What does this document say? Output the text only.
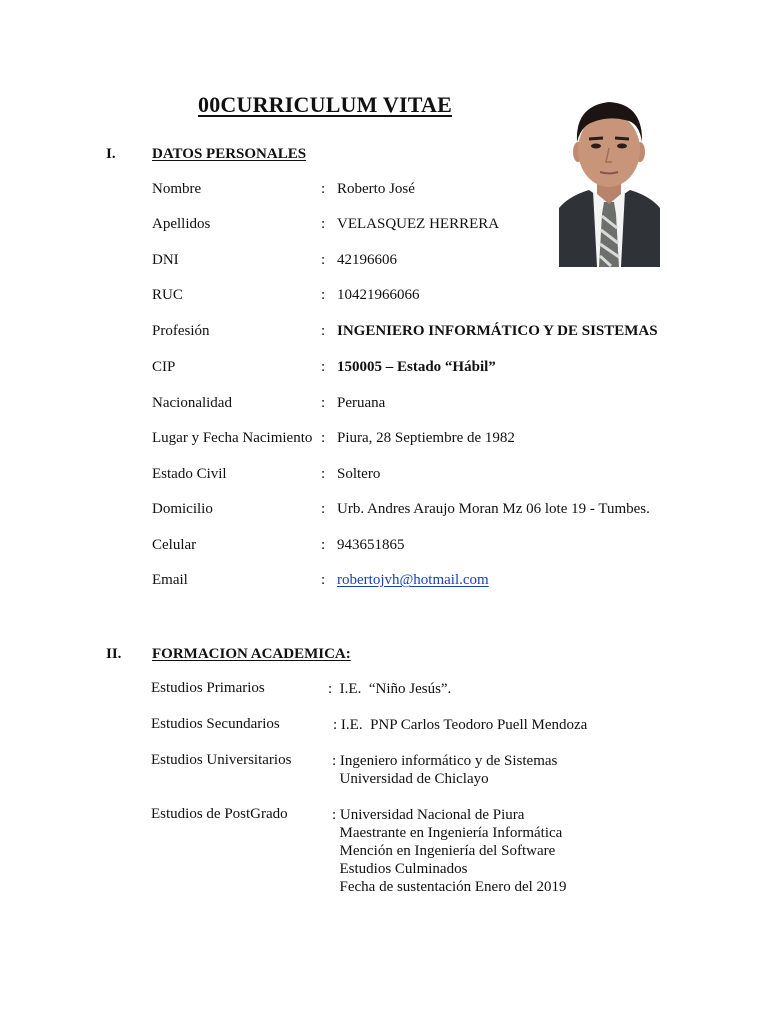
00CURRICULUM VITAE
I. DATOS PERSONALES
Nombre	: Roberto José
Apellidos	: VELASQUEZ HERRERA
DNI	: 42196606
RUC	: 10421966066
Profesión	: INGENIERO INFORMÁTICO Y DE SISTEMAS
CIP	: 150005 – Estado “Hábil”
Nacionalidad	: Peruana
Lugar y Fecha Nacimiento : Piura, 28 Septiembre de 1982
Estado Civil	: Soltero
Domicilio	: Urb. Andres Araujo Moran Mz 06 lote 19 - Tumbes.
Celular	: 943651865
Email	: robertojvh@hotmail.com
II. FORMACION ACADEMICA:
Estudios Primarios	:  I.E.  “Niño Jesús”.
Estudios Secundarios	: I.E.  PNP Carlos Teodoro Puell Mendoza
Estudios Universitarios	: Ingeniero informático y de Sistemas
Universidad de Chiclayo
Estudios de PostGrado	: Universidad Nacional de Piura
Maestrante en Ingeniería Informática
Mención en Ingeniería del Software
Estudios Culminados
Fecha de sustentación Enero del 2019
